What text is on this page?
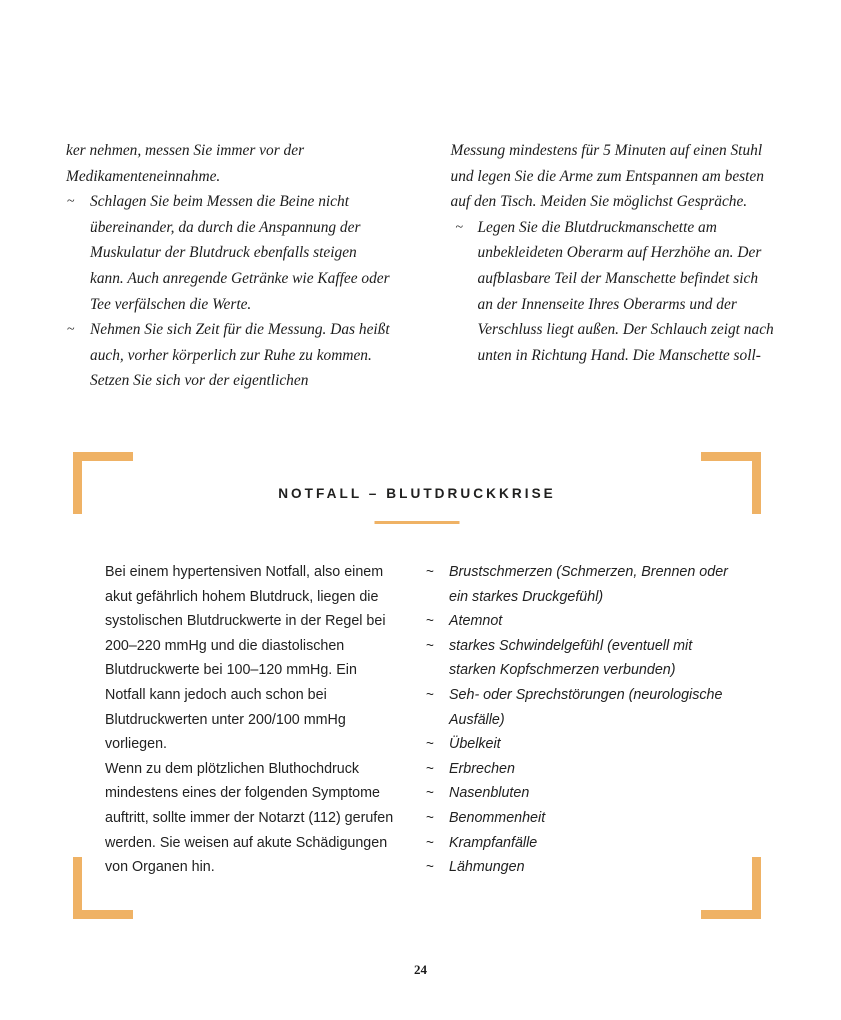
ker nehmen, messen Sie immer vor der Medikamenteneinnahme.

~ Schlagen Sie beim Messen die Beine nicht übereinander, da durch die Anspannung der Muskulatur der Blutdruck ebenfalls steigen kann. Auch anregende Getränke wie Kaffee oder Tee verfälschen die Werte.
~ Nehmen Sie sich Zeit für die Messung. Das heißt auch, vorher körperlich zur Ruhe zu kommen. Setzen Sie sich vor der eigentlichen

Messung mindestens für 5 Minuten auf einen Stuhl und legen Sie die Arme zum Entspannen am besten auf den Tisch. Meiden Sie möglichst Gespräche.

~ Legen Sie die Blutdruckmanschette am unbekleideten Oberarm auf Herzhöhe an. Der aufblasbare Teil der Manschette befindet sich an der Innenseite Ihres Oberarms und der Verschluss liegt außen. Der Schlauch zeigt nach unten in Richtung Hand. Die Manschette soll-
NOTFALL – BLUTDRUCKKRISE

Bei einem hypertensiven Notfall, also einem akut gefährlich hohem Blutdruck, liegen die systolischen Blutdruckwerte in der Regel bei 200–220 mmHg und die diastolischen Blutdruckwerte bei 100–120 mmHg. Ein Notfall kann jedoch auch schon bei Blutdruckwerten unter 200/100 mmHg vorliegen.

Wenn zu dem plötzlichen Bluthochdruck mindestens eines der folgenden Symptome auftritt, sollte immer der Notarzt (112) gerufen werden. Sie weisen auf akute Schädigungen von Organen hin.

~ Brustschmerzen (Schmerzen, Brennen oder ein starkes Druckgefühl)
~ Atemnot
~ starkes Schwindelgefühl (eventuell mit starken Kopfschmerzen verbunden)
~ Seh- oder Sprechstörungen (neurologische Ausfälle)
~ Übelkeit
~ Erbrechen
~ Nasenbluten
~ Benommenheit
~ Krampfanfälle
~ Lähmungen
24
